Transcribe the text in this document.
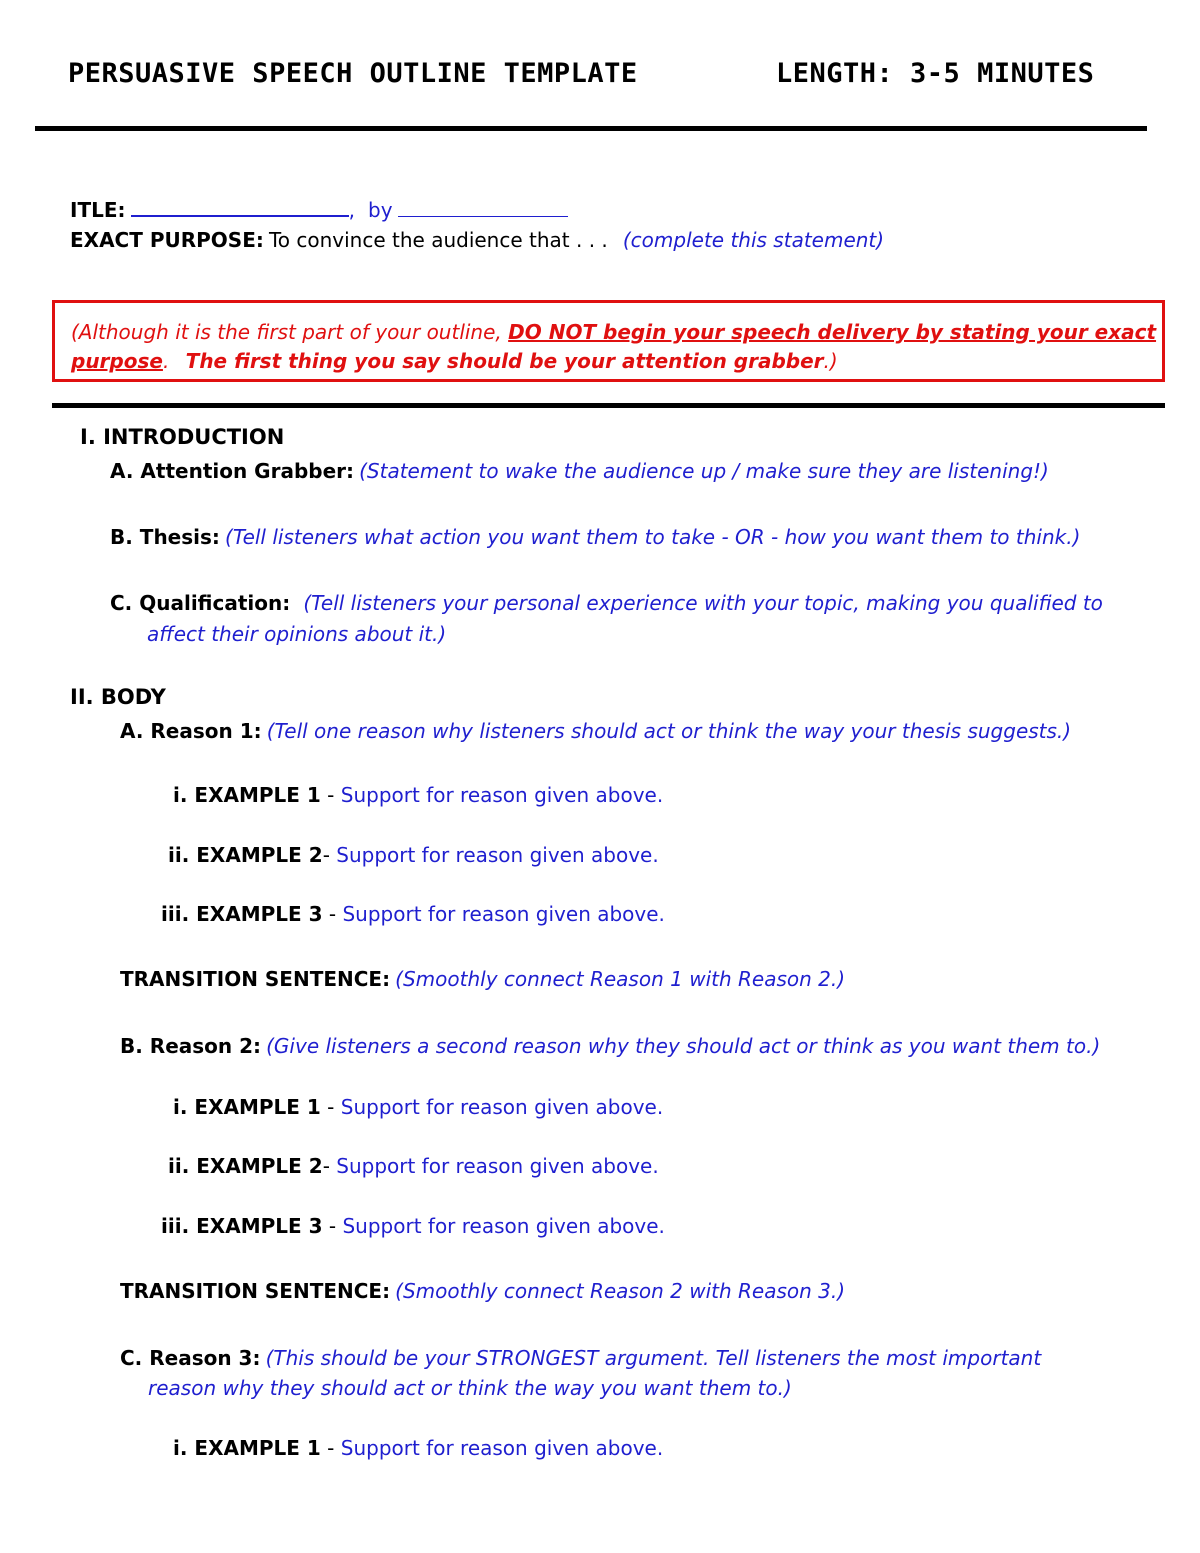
PERSUASIVE SPEECH OUTLINE TEMPLATE	LENGTH: 3-5 MINUTES
ITLE:	, by
EXACT PURPOSE: To convince the audience that . . . (complete this statement)
(Although it is the first part of your outline, DO NOT begin your speech delivery by stating your exact
purpose. The first thing you say should be your attention grabber.)
I. INTRODUCTION
A. Attention Grabber: (Statement to wake the audience up / make sure they are listening!)
B. Thesis: (Tell listeners what action you want them to take - OR - how you want them to think.)
C. Qualification: (Tell listeners your personal experience with your topic, making you qualified to
affect their opinions about it.)
II. BODY
A. Reason 1: (Tell one reason why listeners should act or think the way your thesis suggests.)
i. EXAMPLE 1 - Support for reason given above.
ii. EXAMPLE 2- Support for reason given above.
iii. EXAMPLE 3 - Support for reason given above.
TRANSITION SENTENCE: (Smoothly connect Reason 1 with Reason 2.)
B. Reason 2: (Give listeners a second reason why they should act or think as you want them to.)
i. EXAMPLE 1 - Support for reason given above.
ii. EXAMPLE 2- Support for reason given above.
iii. EXAMPLE 3 - Support for reason given above.
TRANSITION SENTENCE: (Smoothly connect Reason 2 with Reason 3.)
C. Reason 3: (This should be your STRONGEST argument. Tell listeners the most important
reason why they should act or think the way you want them to.)
i. EXAMPLE 1 - Support for reason given above.
